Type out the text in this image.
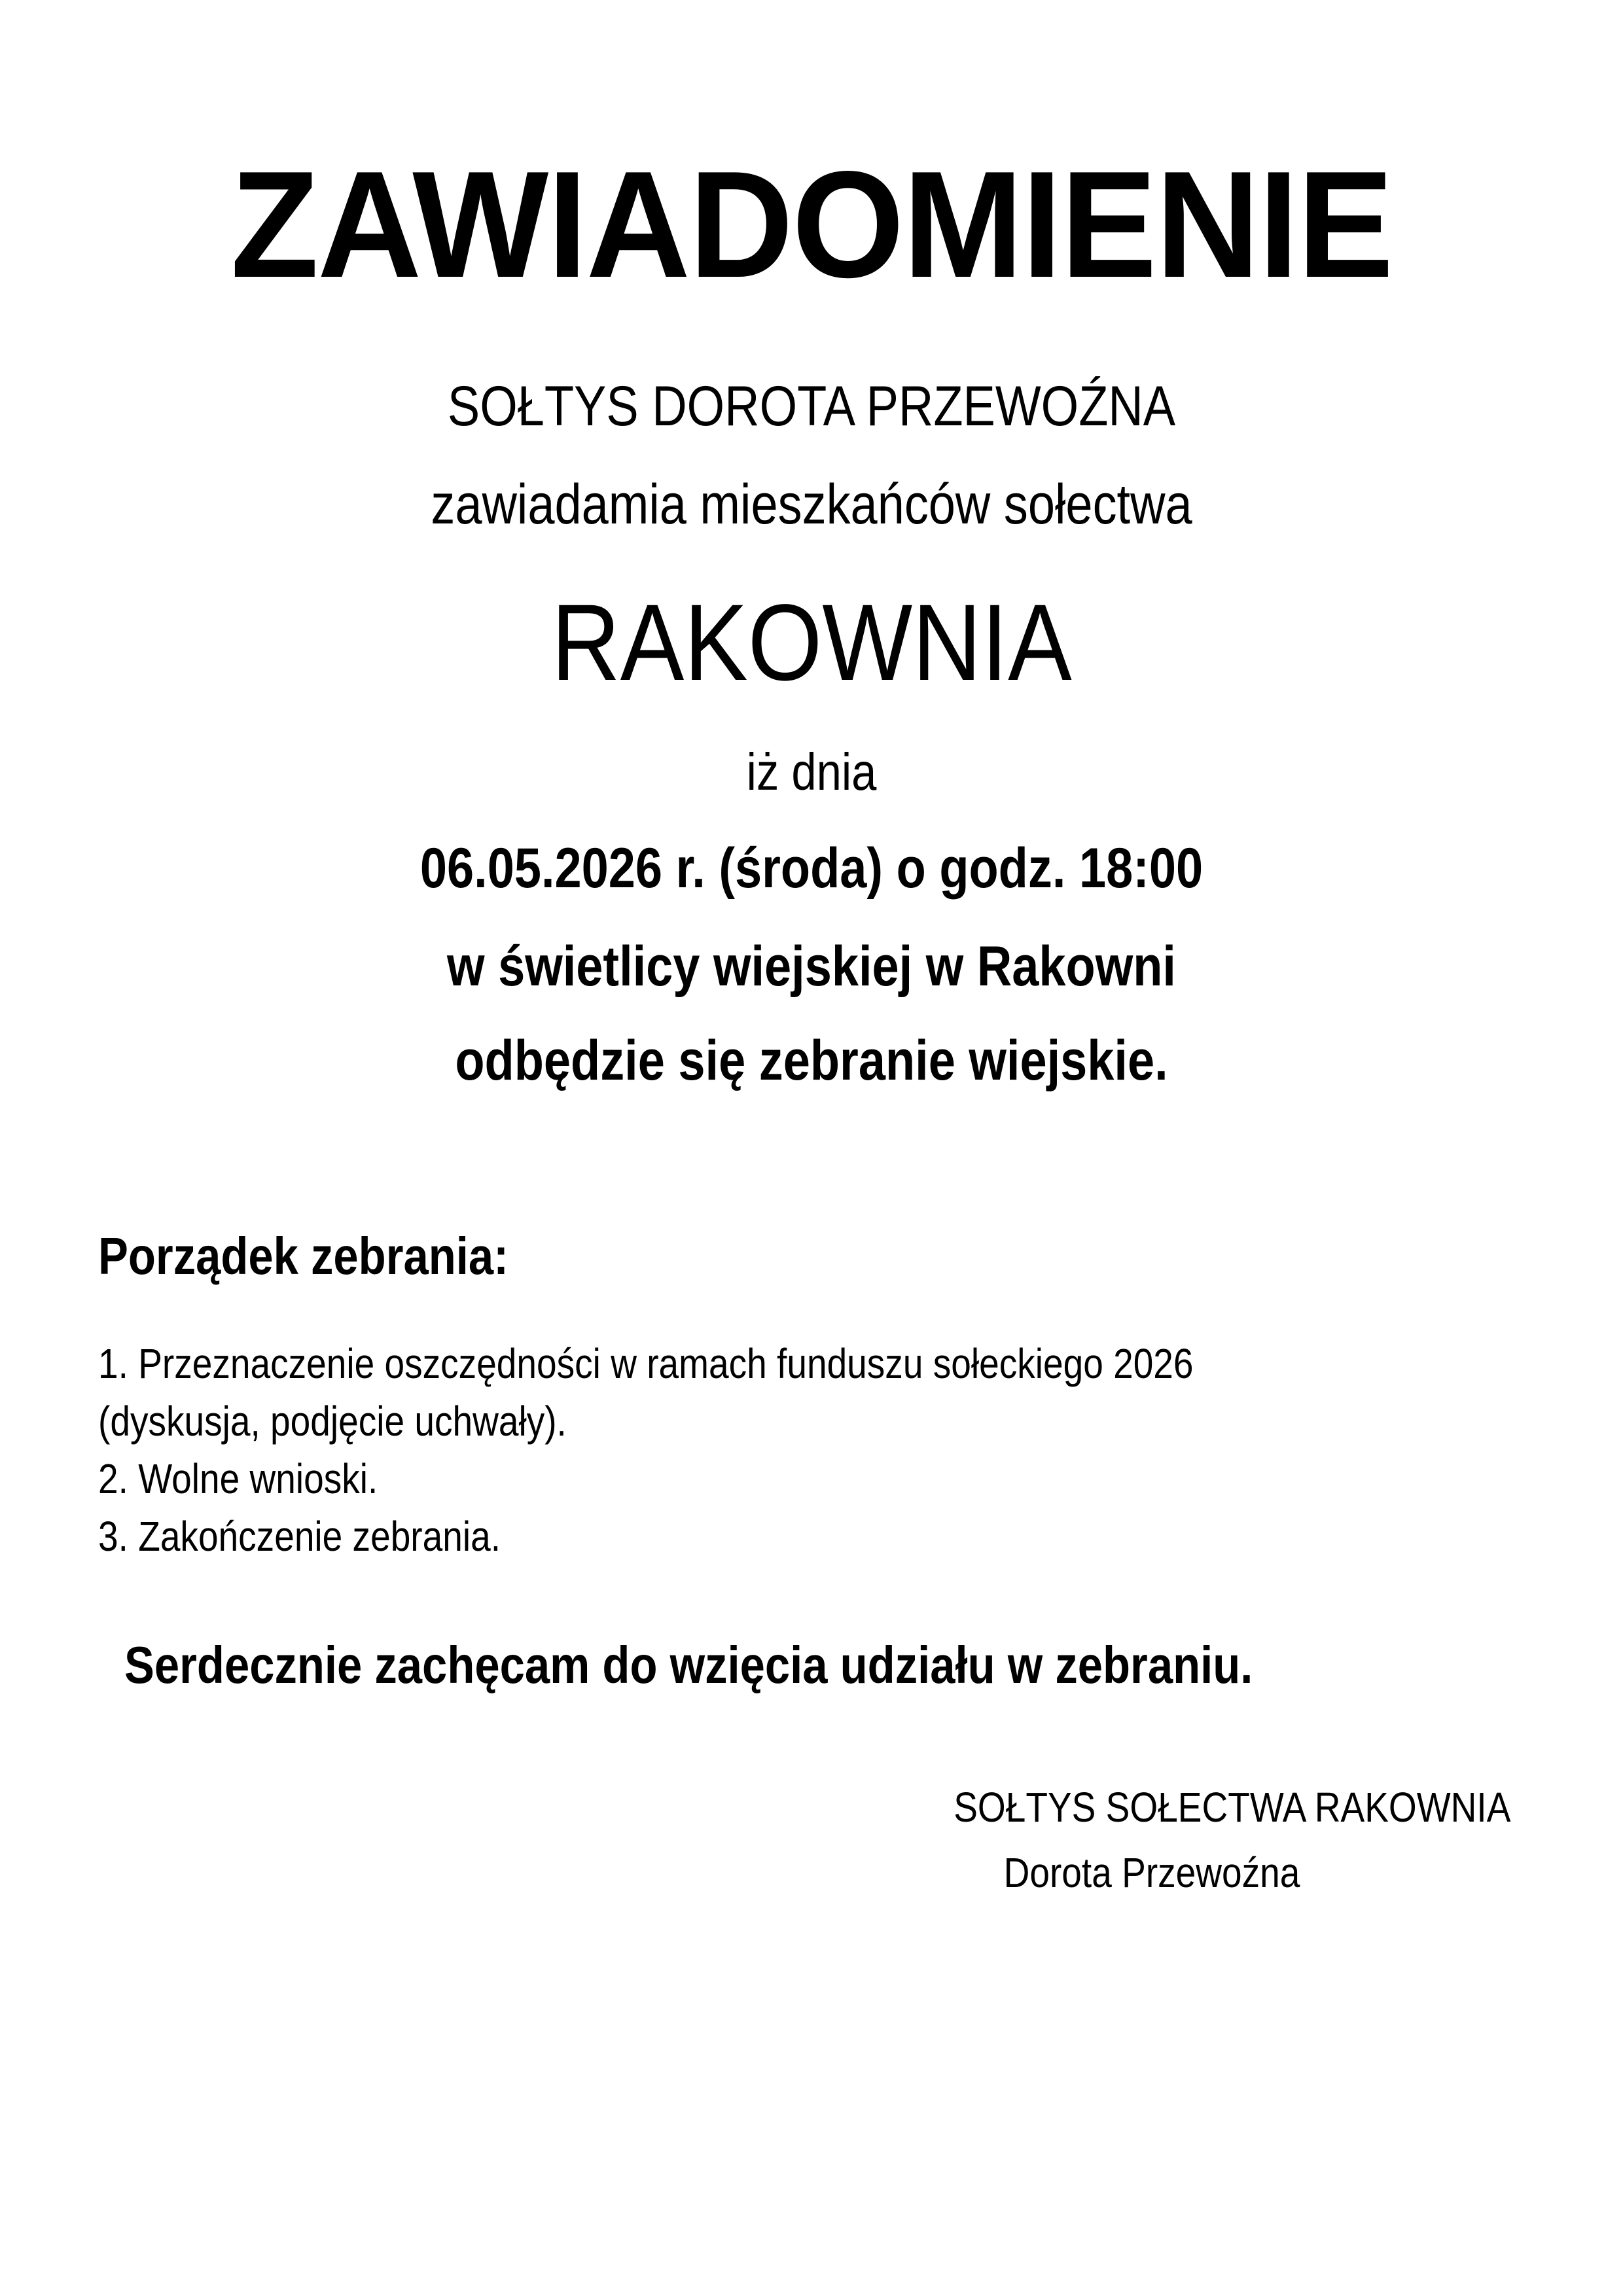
ZAWIADOMIENIE

SOŁTYS DOROTA PRZEWOŹNA

zawiadamia mieszkańców sołectwa

RAKOWNIA

iż dnia

06.05.2026 r. (środa) o godz. 18:00

w świetlicy wiejskiej w Rakowni

odbędzie się zebranie wiejskie.

Porządek zebrania:
1. Przeznaczenie oszczędności w ramach funduszu sołeckiego 2026
(dyskusja, podjęcie uchwały).
2. Wolne wnioski.
3. Zakończenie zebrania.

Serdecznie zachęcam do wzięcia udziału w zebraniu.

SOŁTYS SOŁECTWA RAKOWNIA

Dorota Przewoźna
